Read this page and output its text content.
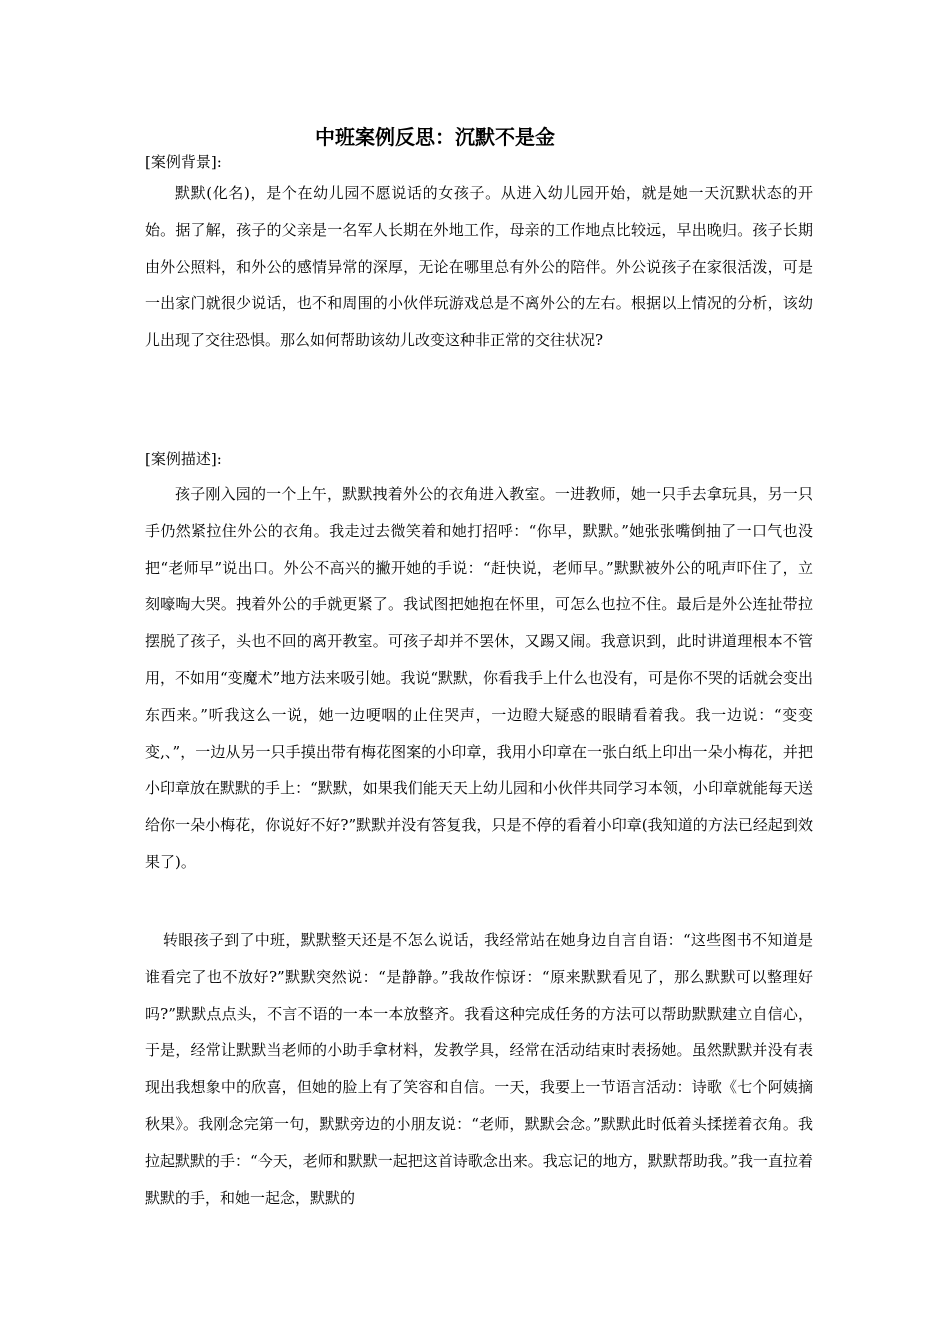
中班案例反思：沉默不是金
[案例背景]:

默默(化名)，是个在幼儿园不愿说话的女孩子。从进入幼儿园开始，就是她一天沉默状态的开始。据了解，孩子的父亲是一名军人长期在外地工作，母亲的工作地点比较远，早出晚归。孩子长期由外公照料，和外公的感情异常的深厚，无论在哪里总有外公的陪伴。外公说孩子在家很活泼，可是一出家门就很少说话，也不和周围的小伙伴玩游戏总是不离外公的左右。根据以上情况的分析，该幼儿出现了交往恐惧。那么如何帮助该幼儿改变这种非正常的交往状况?

[案例描述]:

孩子刚入园的一个上午，默默拽着外公的衣角进入教室。一进教师，她一只手去拿玩具，另一只手仍然紧拉住外公的衣角。我走过去微笑着和她打招呼：“你早，默默。”她张张嘴倒抽了一口气也没把“老师早”说出口。外公不高兴的撇开她的手说：“赶快说，老师早。”默默被外公的吼声吓住了，立刻嚎啕大哭。拽着外公的手就更紧了。我试图把她抱在怀里，可怎么也拉不住。最后是外公连扯带拉摆脱了孩子，头也不回的离开教室。可孩子却并不罢休，又踢又闹。我意识到，此时讲道理根本不管用，不如用“变魔术”地方法来吸引她。我说“默默，你看我手上什么也没有，可是你不哭的话就会变出东西来。”听我这么一说，她一边哽咽的止住哭声，一边瞪大疑惑的眼睛看着我。我一边说：“变变变,、”，一边从另一只手摸出带有梅花图案的小印章，我用小印章在一张白纸上印出一朵小梅花，并把小印章放在默默的手上：“默默，如果我们能天天上幼儿园和小伙伴共同学习本领，小印章就能每天送给你一朵小梅花，你说好不好?”默默并没有答复我，只是不停的看着小印章(我知道的方法已经起到效果了)。

转眼孩子到了中班，默默整天还是不怎么说话，我经常站在她身边自言自语：“这些图书不知道是谁看完了也不放好?”默默突然说：“是静静。”我故作惊讶：“原来默默看见了，那么默默可以整理好吗?”默默点点头，不言不语的一本一本放整齐。我看这种完成任务的方法可以帮助默默建立自信心，于是，经常让默默当老师的小助手拿材料，发教学具，经常在活动结束时表扬她。虽然默默并没有表现出我想象中的欣喜，但她的脸上有了笑容和自信。一天，我要上一节语言活动：诗歌《七个阿姨摘秋果》。我刚念完第一句，默默旁边的小朋友说：“老师，默默会念。”默默此时低着头揉搓着衣角。我拉起默默的手：“今天，老师和默默一起把这首诗歌念出来。我忘记的地方，默默帮助我。”我一直拉着默默的手，和她一起念，默默的
